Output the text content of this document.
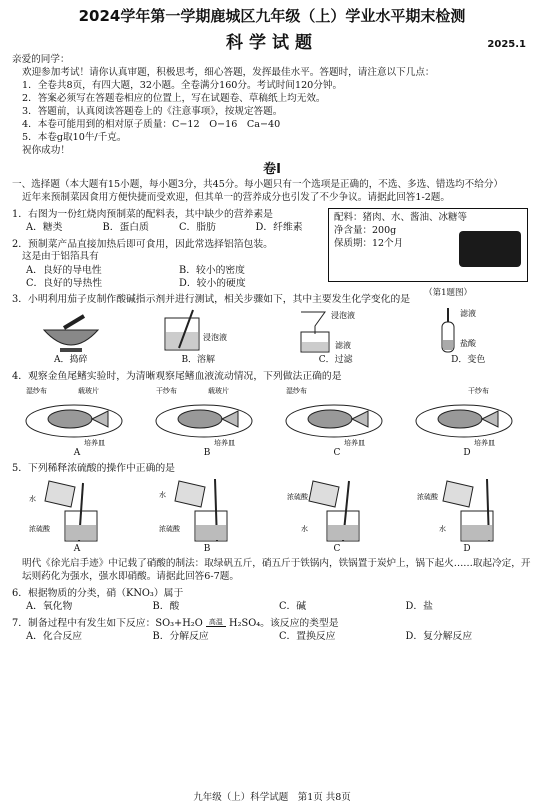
2024学年第一学期鹿城区九年级（上）学业水平期末检测
科学试题	2025.1

亲爱的同学：

欢迎参加考试！请你认真审题，积极思考，细心答题，发挥最佳水平。答题时，请注意以下几点：

1．全卷共8页，有四大题，32小题。全卷满分160分。考试时间120分钟。

2．答案必须写在答题卷相应的位置上，写在试题卷、草稿纸上均无效。

3．答题前，认真阅读答题卷上的《注意事项》，按规定答题。

4．本卷可能用到的相对原子质量：C−12　O−16　Ca−40

5．本卷g取10牛/千克。

祝你成功！

卷Ⅰ

一、选择题（本大题有15小题，每小题3分，共45分。每小题只有一个选项是正确的，不选、多选、错选均不给分）

近年来预制菜因食用方便快捷而受欢迎，但其单一的营养成分也引发了不少争议。请据此回答1-2题。

1．右图为一份红烧肉预制菜的配料表，其中缺少的营养素是
A．糖类	B．蛋白质	C．脂肪	D．纤维素
2．预制菜产品直接加热后即可食用，因此常选择铝箔包装。
这是由于铝箔具有
A．良好的导电性	B．较小的密度
C．良好的导热性	D．较小的硬度
配料：猪肉、水、酱油、冰糖等
净含量：200g
保质期：12个月
（第1题图）
3．小明利用茄子皮制作酸碱指示剂并进行测试，相关步骤如下，其中主要发生化学变化的是
A．捣碎
浸泡液
B．溶解
浸泡液
滤液
C．过滤
滤液
盐酸
D．变色
4．观察金鱼尾鳍实验时，为清晰观察尾鳍血液流动情况，下列做法正确的是
湿纱布	载玻片
培养皿
A
干纱布	载玻片
培养皿
B
湿纱布
培养皿
C
干纱布
培养皿
D
5．下列稀释浓硫酸的操作中正确的是
水
浓硫酸
A
水
浓硫酸
B
浓硫酸
水
C
浓硫酸
水
D

明代《徐光启手迹》中记载了硝酸的制法：取绿矾五斤，硝五斤于铁锅内，铁锅置于炭炉上，锅下起火……取起冷定，开坛则药化为强水，强水即硝酸。请据此回答6-7题。

6．根据物质的分类，硝（KNO₃）属于
A．氧化物	B．酸	C．碱	D．盐
7．制备过程中有发生如下反应：SO₃+H₂O 高温 H₂SO₄。该反应的类型是
A．化合反应	B．分解反应	C．置换反应	D．复分解反应
九年级（上）科学试题　第1页 共8页
